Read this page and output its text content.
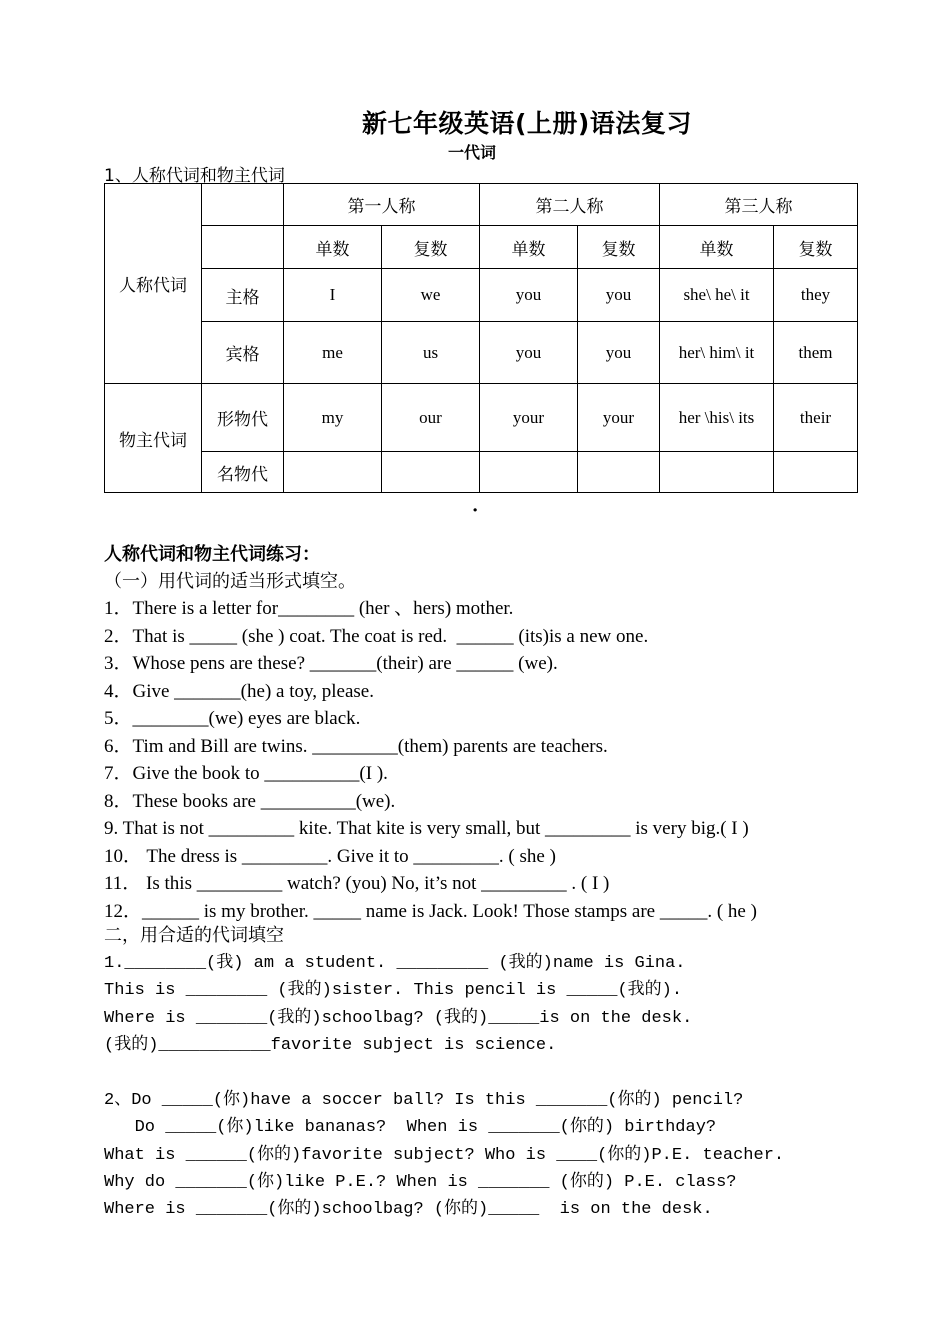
新七年级英语(上册)语法复习
一代词
1、人称代词和物主代词
人称代词		第一人称		第二人称		第三人称	
		单数	复数	单数	复数	单数	复数
	主格	I	we	you	you	she\ he\ it	they
	宾格	me	us	you	you	her\ him\ it	them
物主代词	形物代	my	our	your	your	her \his\ its	their
	名物代						
·
人称代词和物主代词练习：
（一）用代词的适当形式填空。
1．There is a letter for________ (her 、hers) mother.
2．That is _____ (she ) coat. The coat is red.  ______ (its)is a new one.
3．Whose pens are these? _______(their) are ______ (we).
4．Give _______(he) a toy, please.
5．________(we) eyes are black.
6．Tim and Bill are twins. _________(them) parents are teachers.
7．Give the book to __________(I ).
8．These books are __________(we).
9. That is not _________ kite. That kite is very small, but _________ is very big.( I )
10． The dress is _________. Give it to _________. ( she )
11． Is this _________ watch? (you) No, it’s not _________ . ( I )
12．______ is my brother. _____ name is Jack. Look! Those stamps are _____. ( he )
二，用合适的代词填空
1.________(我) am a student. _________ (我的)name is Gina.
This is ________ (我的)sister. This pencil is _____(我的).
Where is _______(我的)schoolbag? (我的)_____is on the desk.
(我的)___________favorite subject is science.
2、Do _____(你)have a soccer ball? Is this _______(你的) pencil?
Do _____(你)like bananas?  When is _______(你的) birthday?
What is ______(你的)favorite subject? Who is ____(你的)P.E. teacher.
Why do _______(你)like P.E.? When is _______ (你的) P.E. class?
Where is _______(你的)schoolbag? (你的)_____  is on the desk.
